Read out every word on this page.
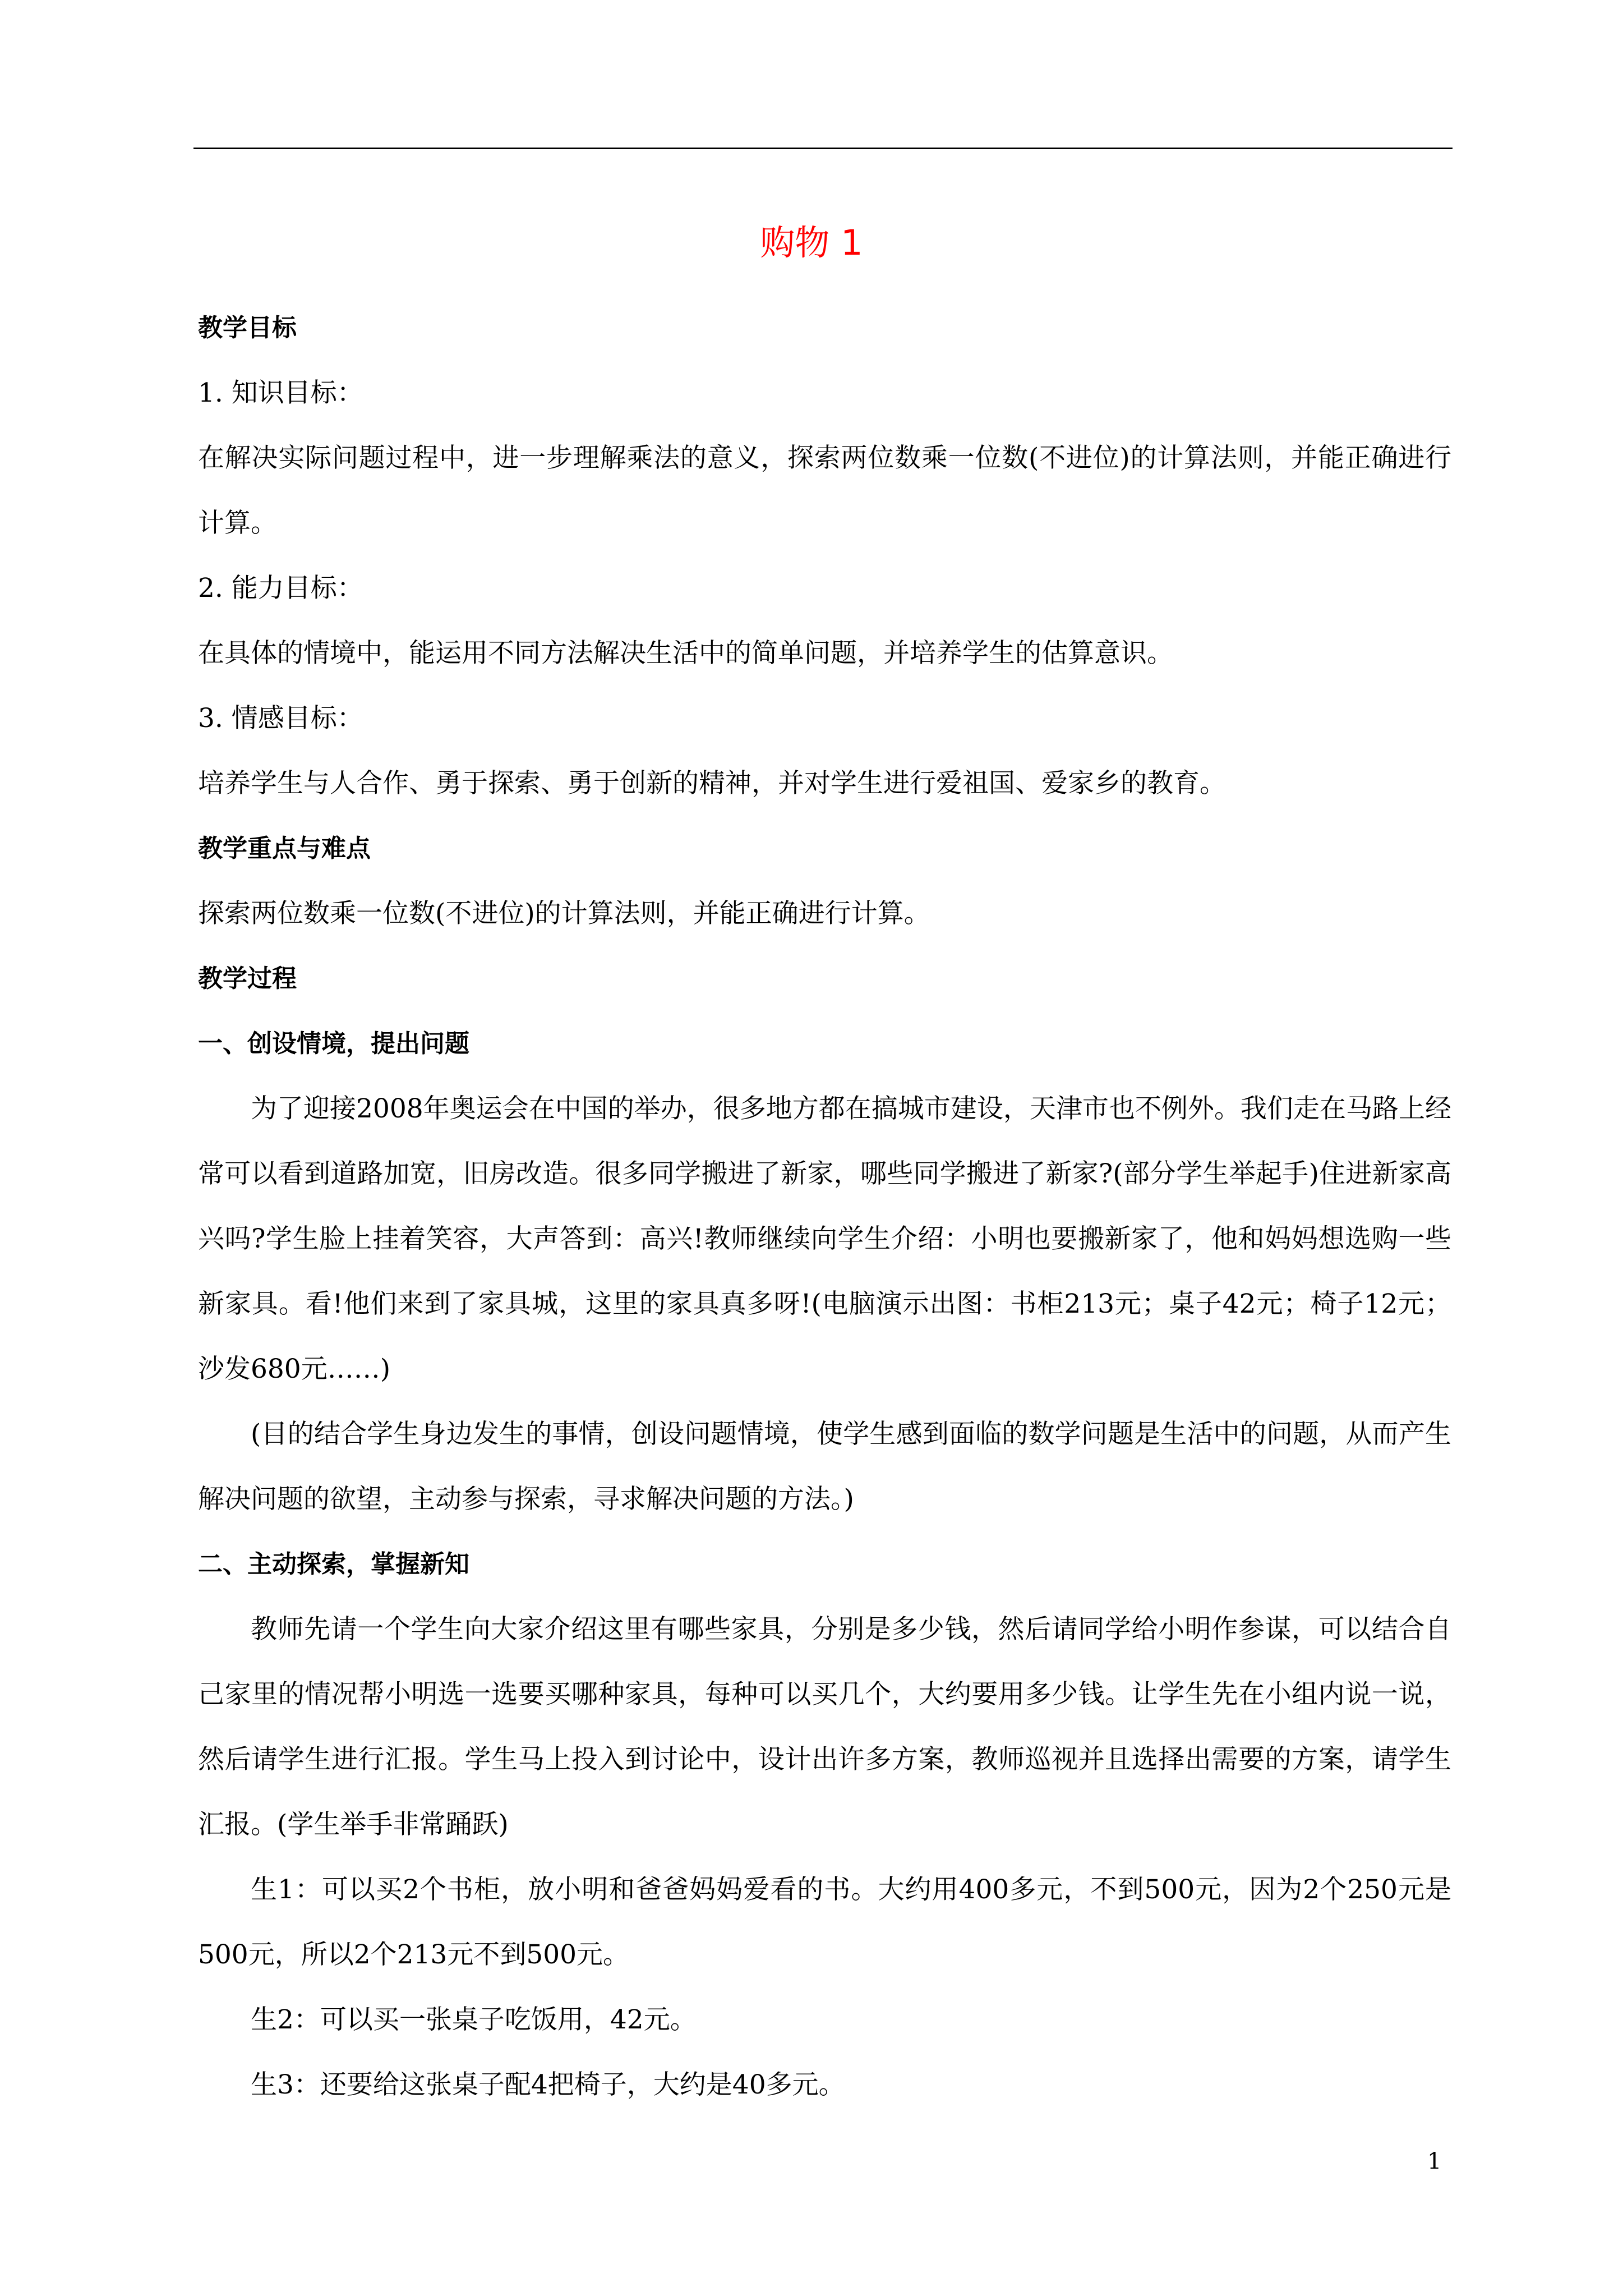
购物 1

教学目标

1. 知识目标：

在解决实际问题过程中，进一步理解乘法的意义，探索两位数乘一位数(不进位)的计算法则，并能正确进行计算。

2. 能力目标：

在具体的情境中，能运用不同方法解决生活中的简单问题，并培养学生的估算意识。

3. 情感目标：

培养学生与人合作、勇于探索、勇于创新的精神，并对学生进行爱祖国、爱家乡的教育。

教学重点与难点

探索两位数乘一位数(不进位)的计算法则，并能正确进行计算。

教学过程

一、创设情境，提出问题

为了迎接2008年奥运会在中国的举办，很多地方都在搞城市建设，天津市也不例外。我们走在马路上经常可以看到道路加宽，旧房改造。很多同学搬进了新家，哪些同学搬进了新家?(部分学生举起手)住进新家高兴吗?学生脸上挂着笑容，大声答到：高兴!教师继续向学生介绍：小明也要搬新家了，他和妈妈想选购一些新家具。看!他们来到了家具城，这里的家具真多呀!(电脑演示出图：书柜213元；桌子42元；椅子12元；沙发680元……)

(目的结合学生身边发生的事情，创设问题情境，使学生感到面临的数学问题是生活中的问题，从而产生解决问题的欲望，主动参与探索，寻求解决问题的方法。)

二、主动探索，掌握新知

教师先请一个学生向大家介绍这里有哪些家具，分别是多少钱，然后请同学给小明作参谋，可以结合自己家里的情况帮小明选一选要买哪种家具，每种可以买几个，大约要用多少钱。让学生先在小组内说一说，然后请学生进行汇报。学生马上投入到讨论中，设计出许多方案，教师巡视并且选择出需要的方案，请学生汇报。(学生举手非常踊跃)

生1：可以买2个书柜，放小明和爸爸妈妈爱看的书。大约用400多元，不到500元，因为2个250元是500元，所以2个213元不到500元。

生2：可以买一张桌子吃饭用，42元。

生3：还要给这张桌子配4把椅子，大约是40多元。

1
